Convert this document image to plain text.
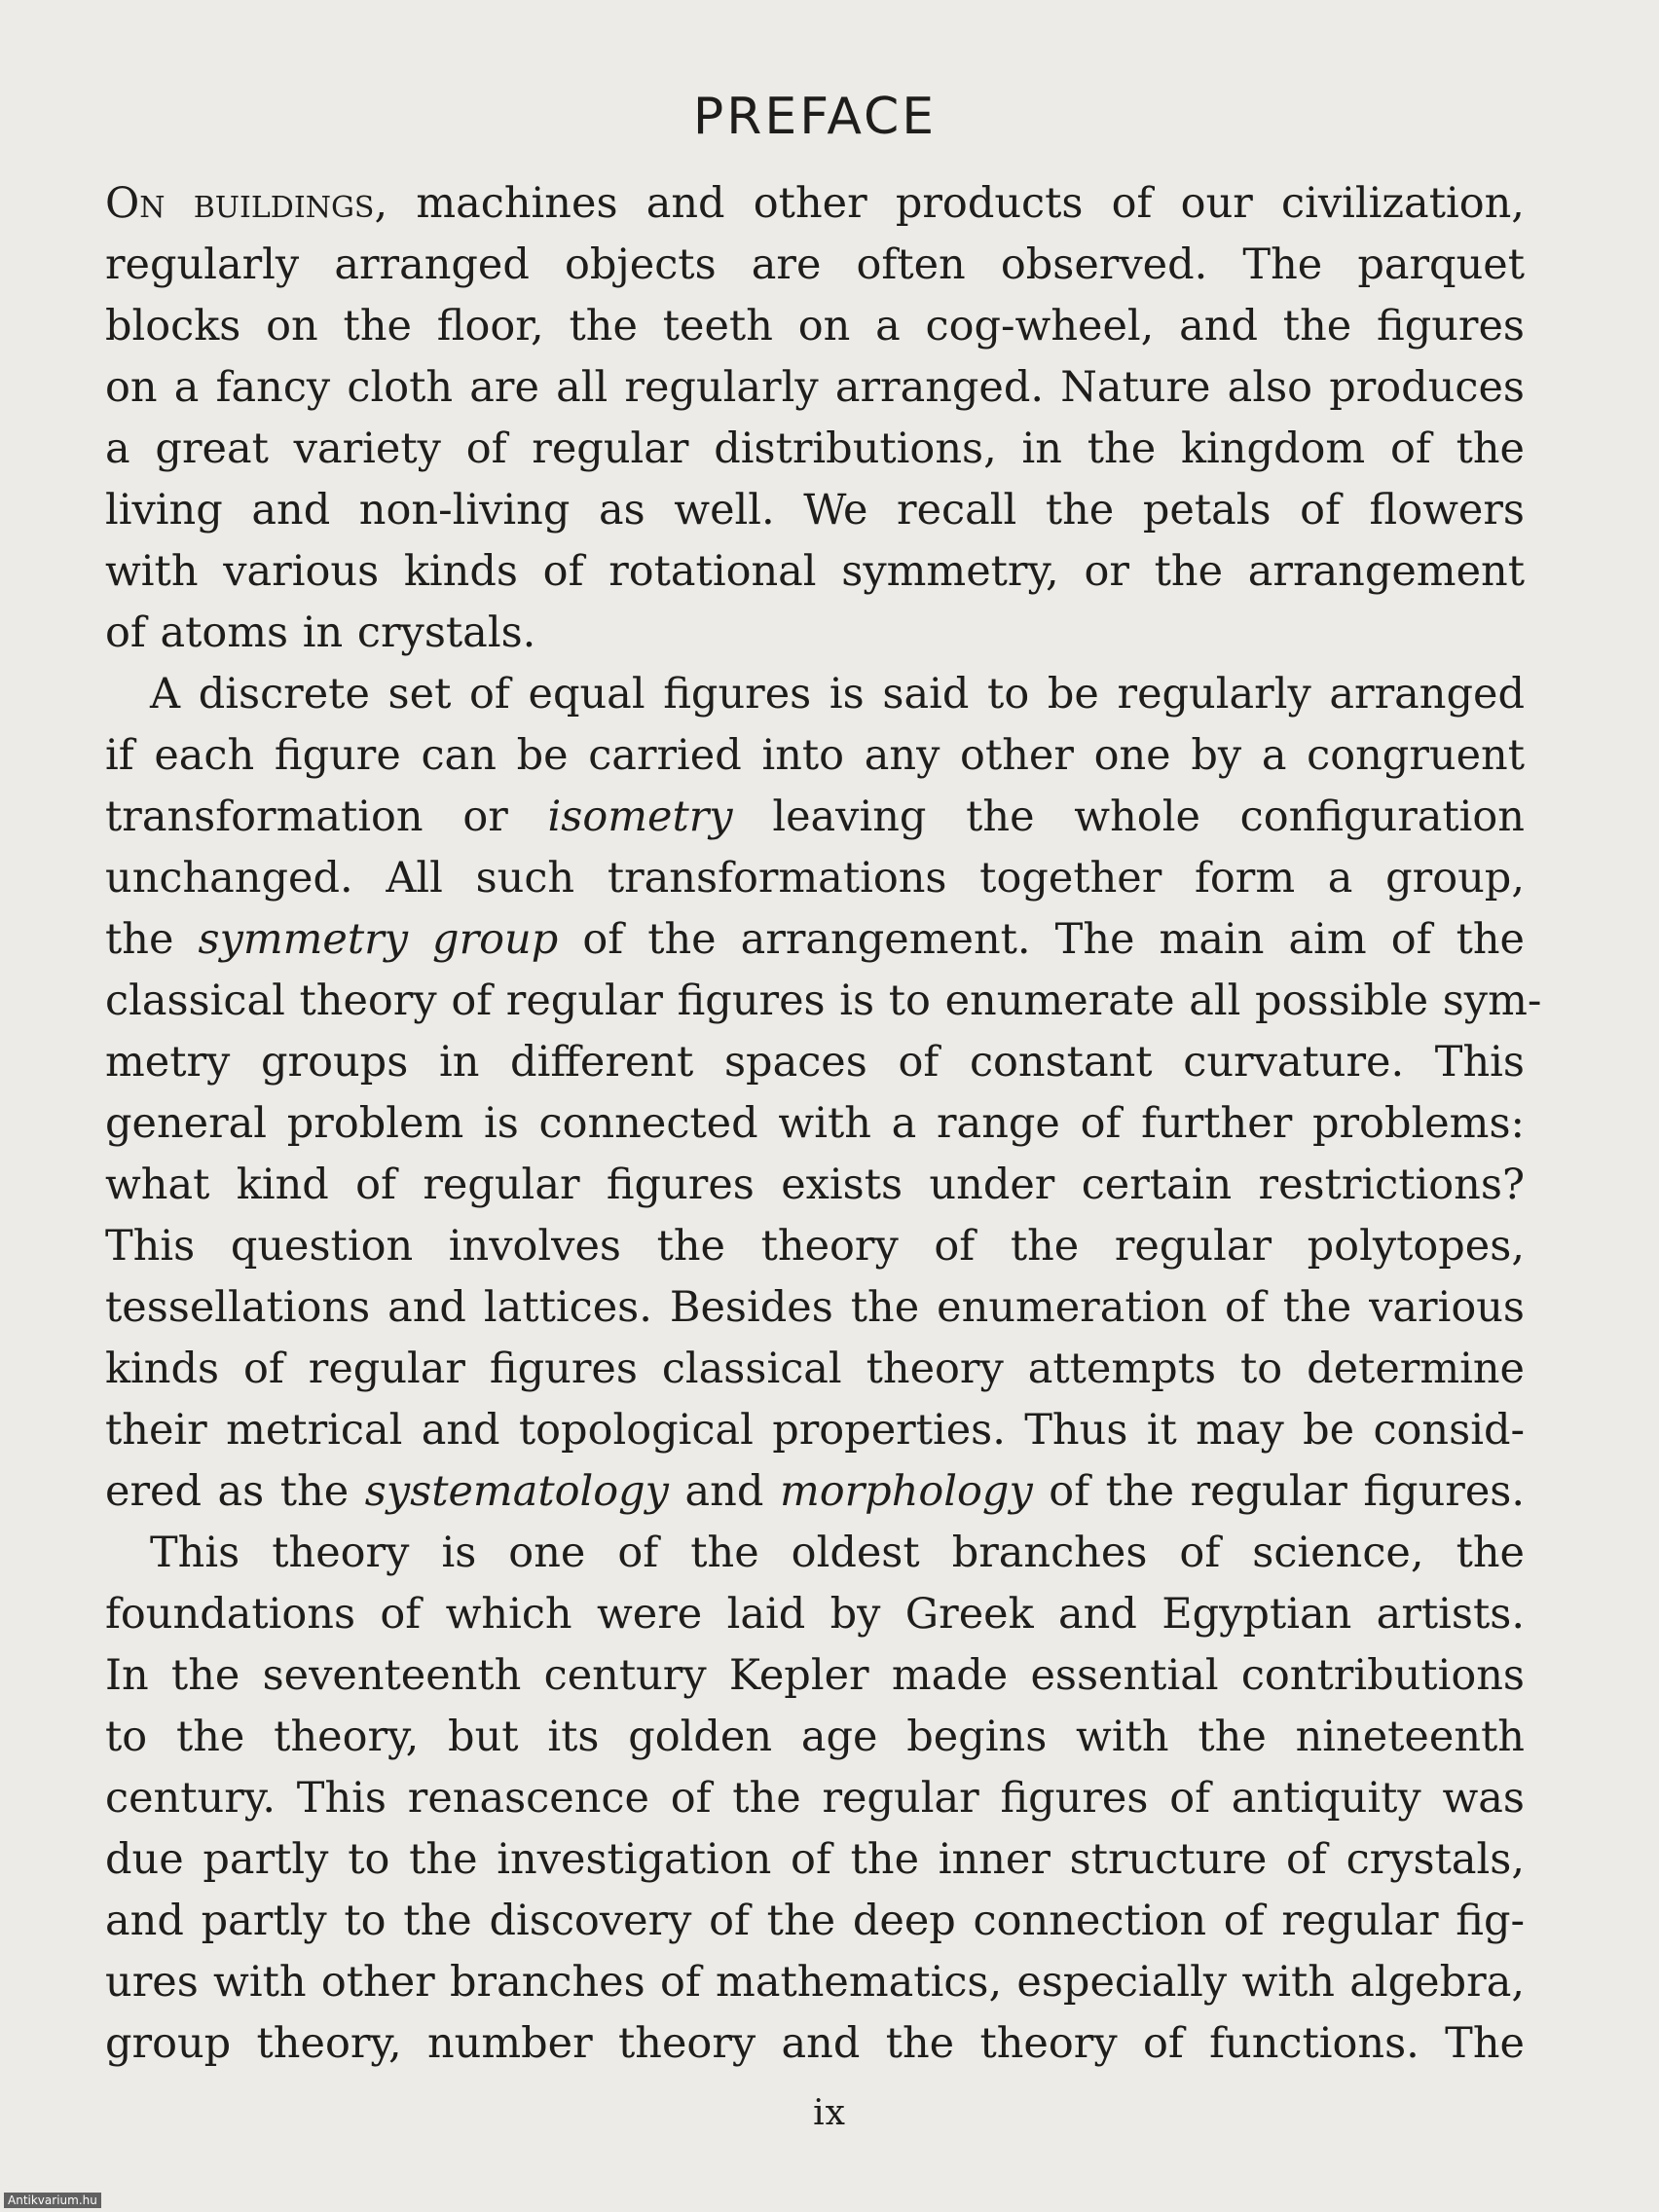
PREFACE

On buildings, machines and other products of our civilization,
regularly arranged objects are often observed. The parquet
blocks on the floor, the teeth on a cog-wheel, and the figures
on a fancy cloth are all regularly arranged. Nature also produces
a great variety of regular distributions, in the kingdom of the
living and non-living as well. We recall the petals of flowers
with various kinds of rotational symmetry, or the arrangement
of atoms in crystals.

A discrete set of equal figures is said to be regularly arranged
if each figure can be carried into any other one by a congruent
transformation or isometry leaving the whole configuration
unchanged. All such transformations together form a group,
the symmetry group of the arrangement. The main aim of the
classical theory of regular figures is to enumerate all possible sym-
metry groups in different spaces of constant curvature. This
general problem is connected with a range of further problems:
what kind of regular figures exists under certain restrictions?
This question involves the theory of the regular polytopes,
tessellations and lattices. Besides the enumeration of the various
kinds of regular figures classical theory attempts to determine
their metrical and topological properties. Thus it may be consid-
ered as the systematology and morphology of the regular figures.

This theory is one of the oldest branches of science, the
foundations of which were laid by Greek and Egyptian artists.
In the seventeenth century Kepler made essential contributions
to the theory, but its golden age begins with the nineteenth
century. This renascence of the regular figures of antiquity was
due partly to the investigation of the inner structure of crystals,
and partly to the discovery of the deep connection of regular fig-
ures with other branches of mathematics, especially with algebra,
group theory, number theory and the theory of functions. The

ix
Antikvarium.hu
